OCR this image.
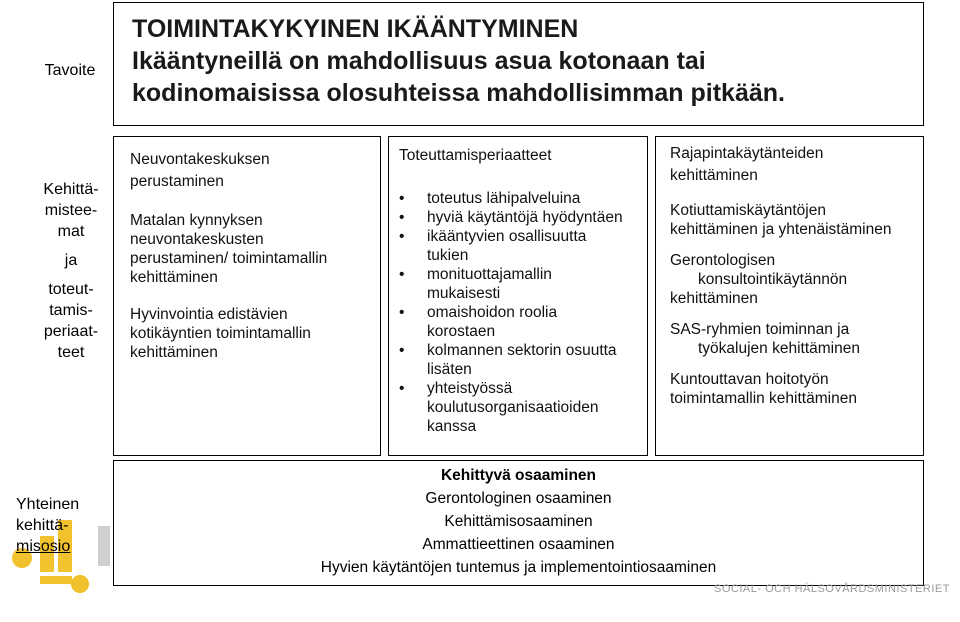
Tavoite
Kehittä-
mistee-
mat
ja
toteut-
tamis-
periaat-
teet
Yhteinen
kehittä-
misosio
TOIMINTAKYKYINEN IKÄÄNTYMINEN
Ikääntyneillä on mahdollisuus asua kotonaan tai
kodinomaisissa olosuhteissa mahdollisimman pitkään.
Neuvontakeskuksen
perustaminen
Matalan kynnyksen
neuvontakeskusten
perustaminen/ toimintamallin
kehittäminen
Hyvinvointia edistävien
kotikäyntien toimintamallin
kehittäminen
Toteuttamisperiaatteet
•	toteutus lähipalveluina
•	hyviä käytäntöjä hyödyntäen
•	ikääntyvien osallisuutta
tukien
•	monituottajamallin
mukaisesti
•	omaishoidon roolia
korostaen
•	kolmannen sektorin osuutta
lisäten
•	yhteistyössä
koulutusorganisaatioiden
kanssa
Rajapintakäytänteiden
kehittäminen
Kotiuttamiskäytäntöjen
kehittäminen ja yhtenäistäminen
Gerontologisen
konsultointikäytännön
kehittäminen
SAS-ryhmien toiminnan ja
työkalujen kehittäminen
Kuntouttavan hoitotyön
toimintamallin kehittäminen
Kehittyvä osaaminen
Gerontologinen osaaminen
Kehittämisosaaminen
Ammattieettinen osaaminen
Hyvien käytäntöjen tuntemus ja implementointiosaaminen
SOCIAL- OCH HÄLSOVÅRDSMINISTERIET
